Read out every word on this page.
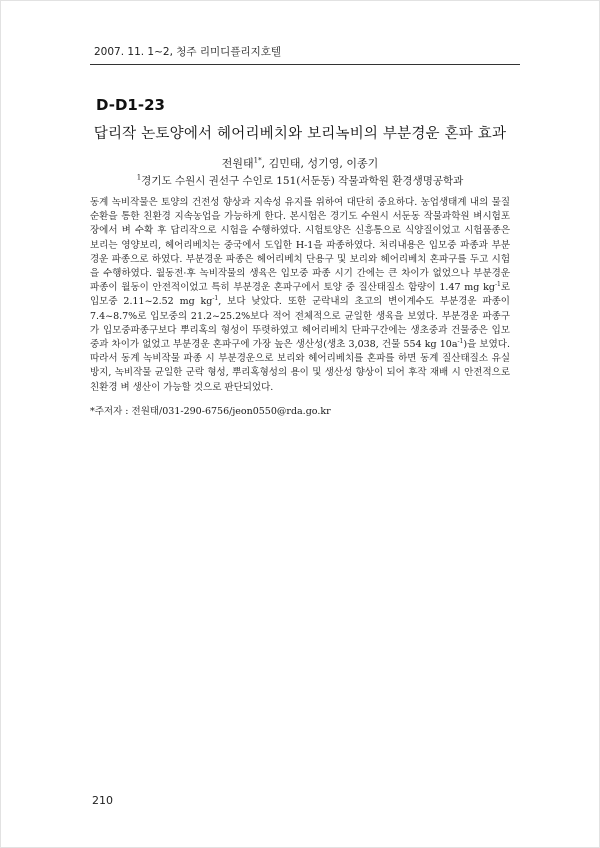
2007. 11. 1~2, 청주 리미디플리지호텔
D-D1-23
답리작 논토양에서 헤어리베치와 보리녹비의 부분경운 혼파 효과
전원태$^{1*}$, 김민태, 성기영, 이종기
$^1$경기도 수원시 권선구 수인로 151(서둔동) 작물과학원 환경생명공학과

동계 녹비작물은 토양의 건전성 향상과 지속성 유지를 위하여 대단히 중요하다. 농업생태계 내의 물질 순환을 통한 친환경 지속농업을 가능하게 한다. 본시험은 경기도 수원시 서둔동 작물과학원 벼시험포장에서 벼 수확 후 답리작으로 시험을 수행하였다. 시험토양은 신흥통으로 식양질이었고 시험품종은 보리는 영양보리, 헤어리베치는 중국에서 도입한 H-1을 파종하였다. 처리내용은 입모중 파종과 부분경운 파종으로 하였다. 부분경운 파종은 헤어리베치 단용구 및 보리와 헤어리베치 혼파구를 두고 시험을 수행하였다. 월동전·후 녹비작물의 생육은 입모중 파종 시기 간에는 큰 차이가 없었으나 부분경운 파종이 월동이 안전적이었고 특히 부분경운 혼파구에서 토양 중 질산태질소 함량이 1.47 mg $kg^{-1}$로 입모중 2.11~2.52 mg $kg^{-1}$, 보다 낮았다. 또한 군락내의 초고의 변이계수도 부분경운 파종이 7.4~8.7%로 입모중의 21.2~25.2%보다 적어 전체적으로 균일한 생육을 보였다. 부분경운 파종구가 입모중파종구보다 뿌리혹의 형성이 뚜렷하였고 헤어리베치 단파구간에는 생초중과 건물중은 입모중과 차이가 없었고 부분경운 혼파구에 가장 높은 생산성(생초 3,038, 건물 554 kg $10a^{-1}$)을 보였다. 따라서 동계 녹비작물 파종 시 부분경운으로 보리와 헤어리베치를 혼파를 하면 동계 질산태질소 유실 방지, 녹비작물 균일한 군락 형성, 뿌리혹형성의 용이 및 생산성 향상이 되어 후작 재배 시 안전적으로 친환경 벼 생산이 가능할 것으로 판단되었다.

*주저자 : 전원태/031-290-6756/jeon0550@rda.go.kr
210
